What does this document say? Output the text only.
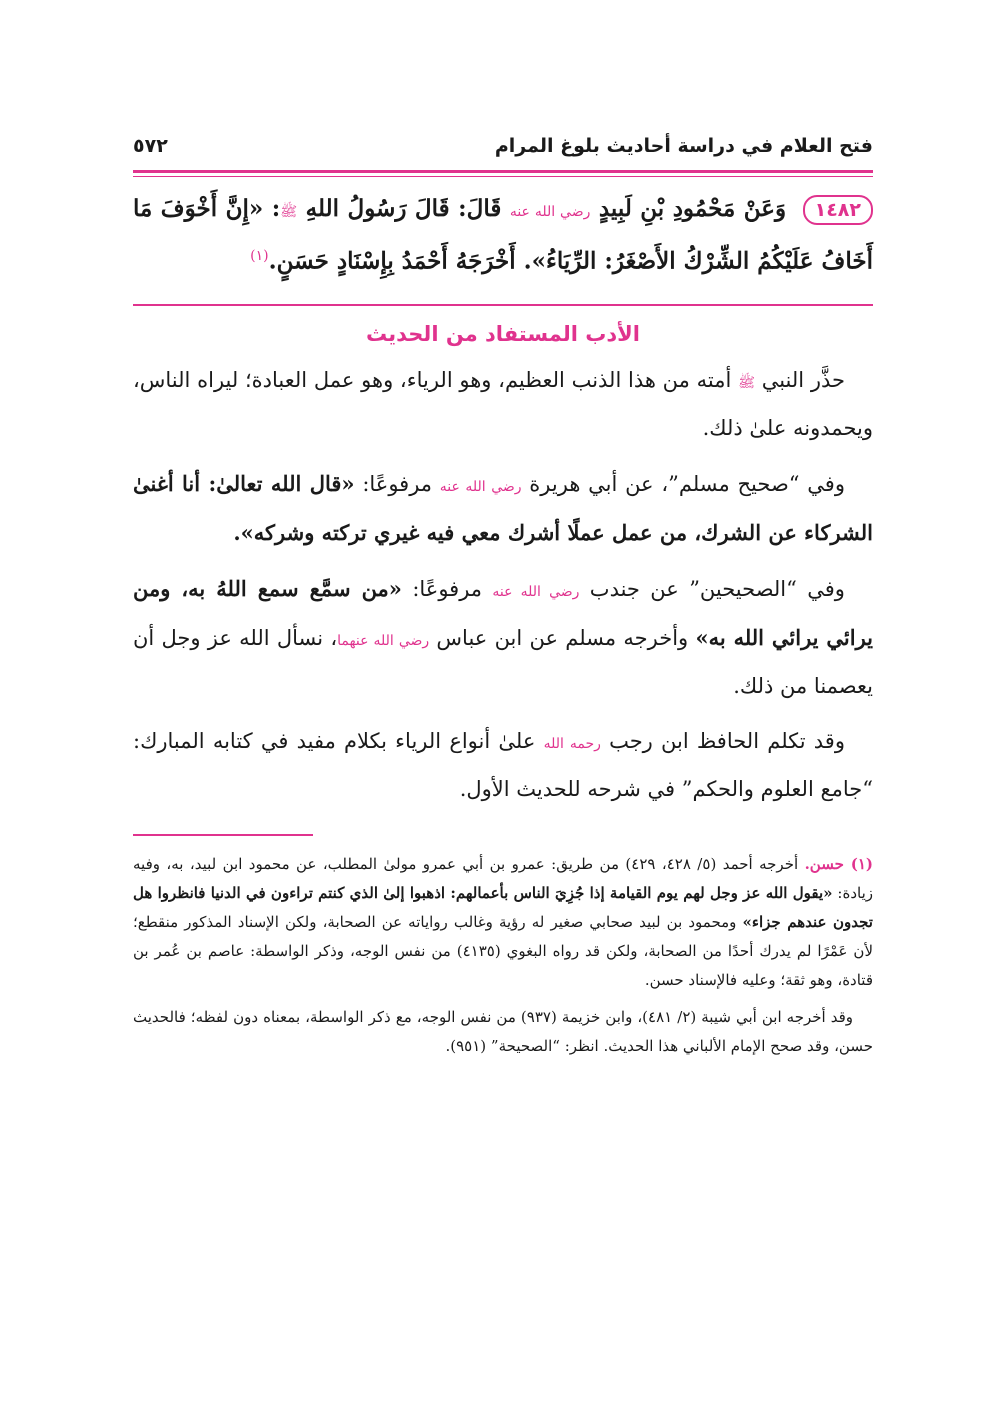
فتح العلام في دراسة أحاديث بلوغ المرام
٥٧٢
١٤٨٢ وَعَنْ مَحْمُودِ بْنِ لَبِيدٍ رضي الله عنه قَالَ: قَالَ رَسُولُ اللهِ ﷺ: «إِنَّ أَخْوَفَ مَا أَخَافُ عَلَيْكُمُ الشِّرْكُ الأَصْغَرُ: الرِّيَاءُ». أَخْرَجَهُ أَحْمَدُ بِإِسْنَادٍ حَسَنٍ.$^{(١)}$
الأدب المستفاد من الحديث

حذَّر النبي ﷺ أمته من هذا الذنب العظيم، وهو الرياء، وهو عمل العبادة؛ ليراه الناس، ويحمدونه علىٰ ذلك.

وفي “صحيح مسلم”، عن أبي هريرة رضي الله عنه مرفوعًا: «قال الله تعالىٰ: أنا أغنىٰ الشركاء عن الشرك، من عمل عملًا أشرك معي فيه غيري تركته وشركه».

وفي “الصحيحين” عن جندب رضي الله عنه مرفوعًا: «من سمَّع سمع اللهُ به، ومن يرائي يرائي الله به» وأخرجه مسلم عن ابن عباس رضي الله عنهما، نسأل الله عز وجل أن يعصمنا من ذلك.

وقد تكلم الحافظ ابن رجب رحمه الله علىٰ أنواع الرياء بكلام مفيد في كتابه المبارك: “جامع العلوم والحكم” في شرحه للحديث الأول.

(١) حسن. أخرجه أحمد (٥/ ٤٢٨، ٤٢٩) من طريق: عمرو بن أبي عمرو مولىٰ المطلب، عن محمود ابن لبيد، به، وفيه زيادة: «يقول الله عز وجل لهم يوم القيامة إذا جُزِيَ الناس بأعمالهم: اذهبوا إلىٰ الذي كنتم تراءون في الدنيا فانظروا هل تجدون عندهم جزاء» ومحمود بن لبيد صحابي صغير له رؤية وغالب رواياته عن الصحابة، ولكن الإسناد المذكور منقطع؛ لأن عَمْرًا لم يدرك أحدًا من الصحابة، ولكن قد رواه البغوي (٤١٣٥) من نفس الوجه، وذكر الواسطة: عاصم بن عُمر بن قتادة، وهو ثقة؛ وعليه فالإسناد حسن.

وقد أخرجه ابن أبي شيبة (٢/ ٤٨١)، وابن خزيمة (٩٣٧) من نفس الوجه، مع ذكر الواسطة، بمعناه دون لفظه؛ فالحديث حسن، وقد صحح الإمام الألباني هذا الحديث. انظر: “الصحيحة” (٩٥١).
